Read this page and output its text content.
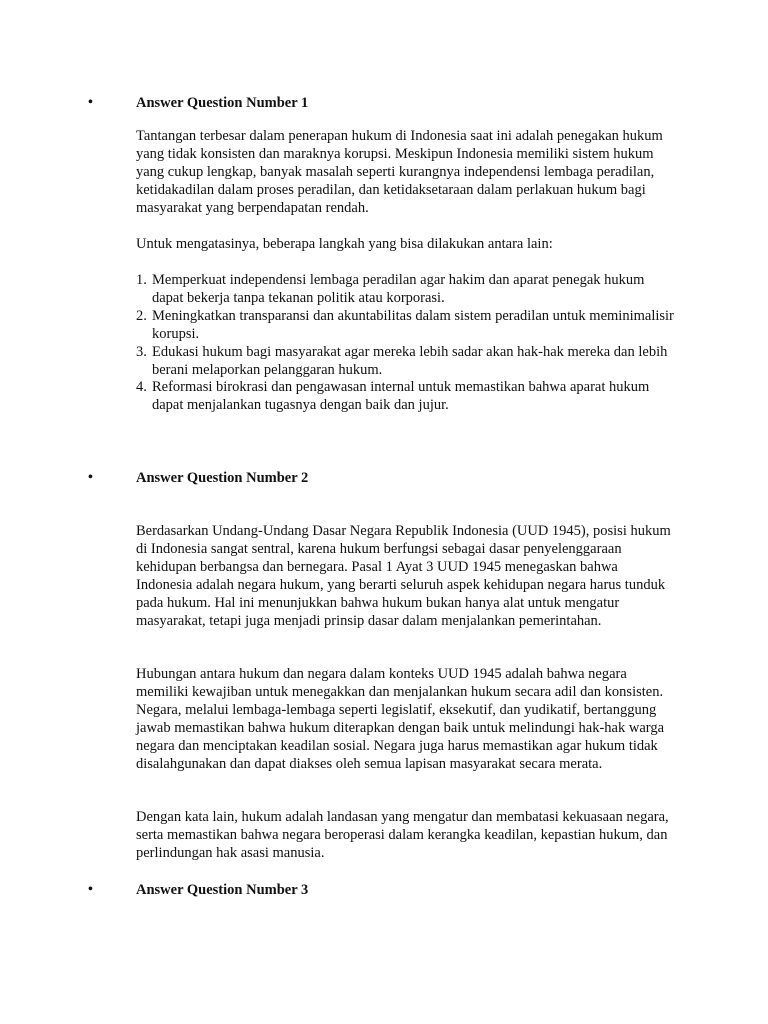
•	Answer Question Number 1

Tantangan terbesar dalam penerapan hukum di Indonesia saat ini adalah penegakan hukum yang tidak konsisten dan maraknya korupsi. Meskipun Indonesia memiliki sistem hukum yang cukup lengkap, banyak masalah seperti kurangnya independensi lembaga peradilan, ketidakadilan dalam proses peradilan, dan ketidaksetaraan dalam perlakuan hukum bagi masyarakat yang berpendapatan rendah.

Untuk mengatasinya, beberapa langkah yang bisa dilakukan antara lain:

1. Memperkuat independensi lembaga peradilan agar hakim dan aparat penegak hukum dapat bekerja tanpa tekanan politik atau korporasi.
2. Meningkatkan transparansi dan akuntabilitas dalam sistem peradilan untuk meminimalisir korupsi.
3. Edukasi hukum bagi masyarakat agar mereka lebih sadar akan hak-hak mereka dan lebih berani melaporkan pelanggaran hukum.
4. Reformasi birokrasi dan pengawasan internal untuk memastikan bahwa aparat hukum dapat menjalankan tugasnya dengan baik dan jujur.
•	Answer Question Number 2

Berdasarkan Undang-Undang Dasar Negara Republik Indonesia (UUD 1945), posisi hukum di Indonesia sangat sentral, karena hukum berfungsi sebagai dasar penyelenggaraan kehidupan berbangsa dan bernegara. Pasal 1 Ayat 3 UUD 1945 menegaskan bahwa Indonesia adalah negara hukum, yang berarti seluruh aspek kehidupan negara harus tunduk pada hukum. Hal ini menunjukkan bahwa hukum bukan hanya alat untuk mengatur masyarakat, tetapi juga menjadi prinsip dasar dalam menjalankan pemerintahan.

Hubungan antara hukum dan negara dalam konteks UUD 1945 adalah bahwa negara memiliki kewajiban untuk menegakkan dan menjalankan hukum secara adil dan konsisten. Negara, melalui lembaga-lembaga seperti legislatif, eksekutif, dan yudikatif, bertanggung jawab memastikan bahwa hukum diterapkan dengan baik untuk melindungi hak-hak warga negara dan menciptakan keadilan sosial. Negara juga harus memastikan agar hukum tidak disalahgunakan dan dapat diakses oleh semua lapisan masyarakat secara merata.

Dengan kata lain, hukum adalah landasan yang mengatur dan membatasi kekuasaan negara, serta memastikan bahwa negara beroperasi dalam kerangka keadilan, kepastian hukum, dan perlindungan hak asasi manusia.

•	Answer Question Number 3
